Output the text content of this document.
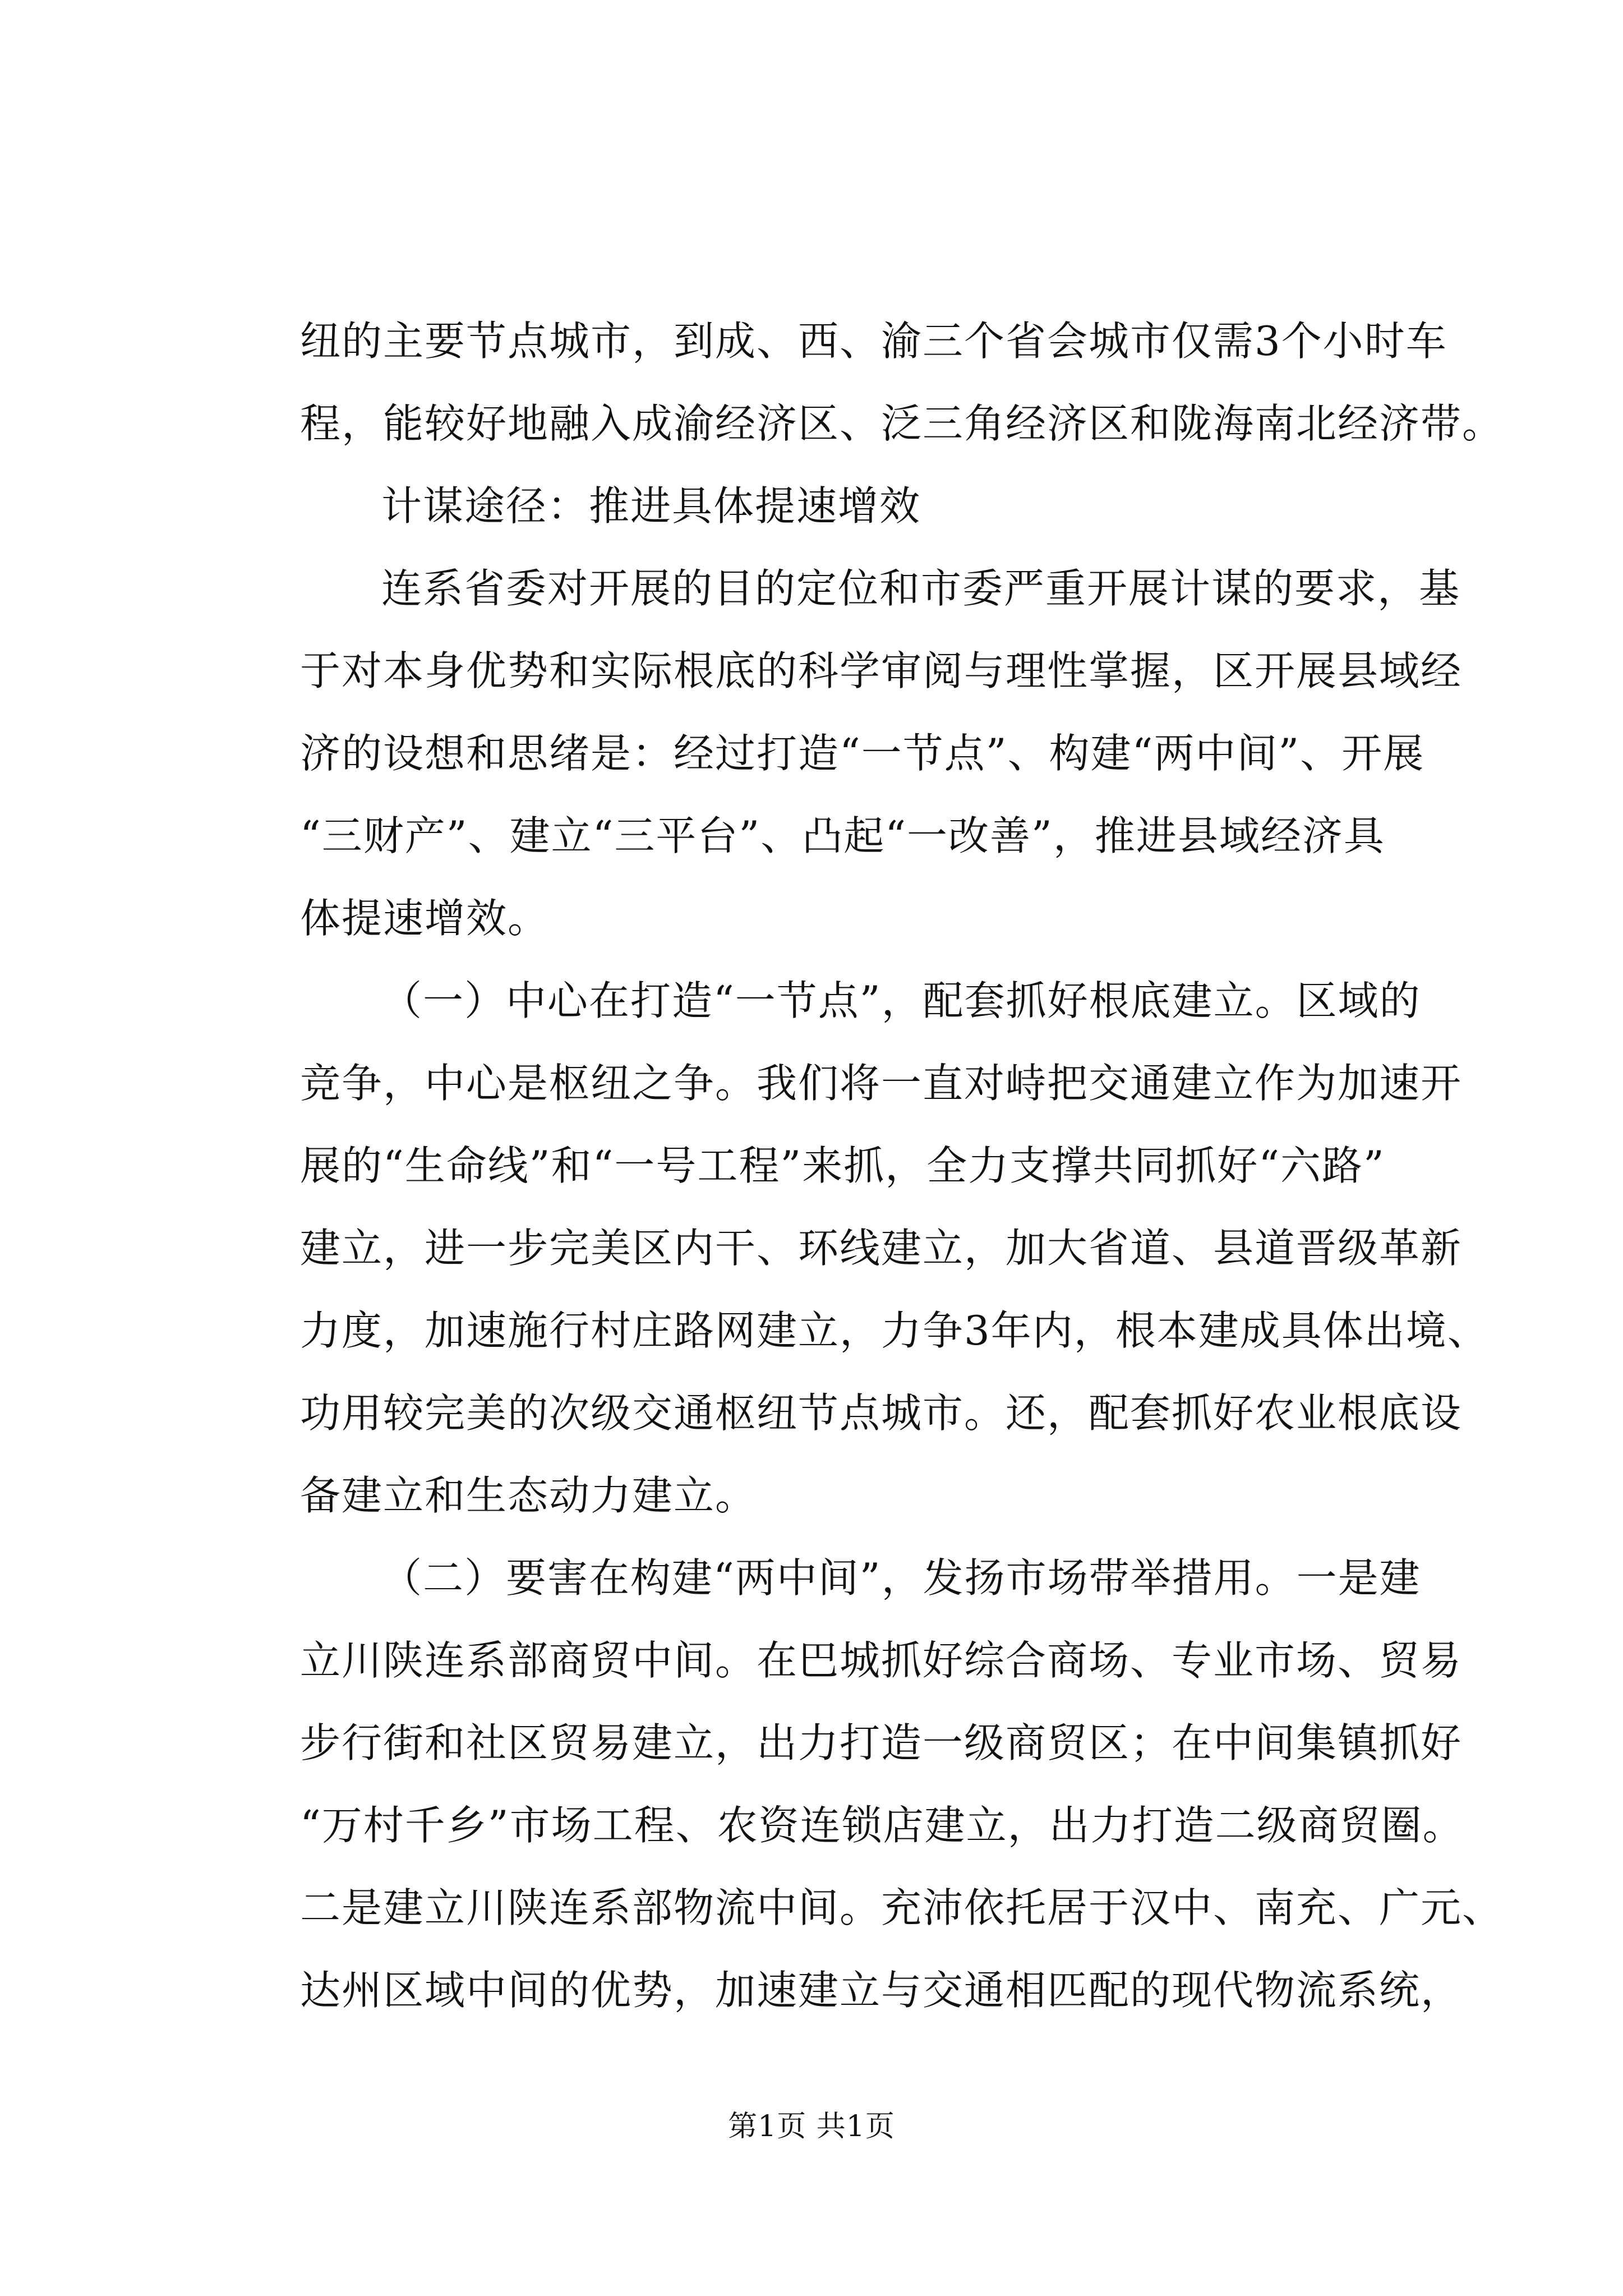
纽的主要节点城市，到成、西、渝三个省会城市仅需3个小时车
程，能较好地融入成渝经济区、泛三角经济区和陇海南北经济带。
计谋途径：推进具体提速增效
连系省委对开展的目的定位和市委严重开展计谋的要求，基
于对本身优势和实际根底的科学审阅与理性掌握，区开展县域经
济的设想和思绪是：经过打造“一节点”、构建“两中间”、开展
“三财产”、建立“三平台”、凸起“一改善”，推进县域经济具
体提速增效。
（一）中心在打造“一节点”，配套抓好根底建立。区域的
竞争，中心是枢纽之争。我们将一直对峙把交通建立作为加速开
展的“生命线”和“一号工程”来抓，全力支撑共同抓好“六路”
建立，进一步完美区内干、环线建立，加大省道、县道晋级革新
力度，加速施行村庄路网建立，力争3年内，根本建成具体出境、
功用较完美的次级交通枢纽节点城市。还，配套抓好农业根底设
备建立和生态动力建立。
（二）要害在构建“两中间”，发扬市场带举措用。一是建
立川陕连系部商贸中间。在巴城抓好综合商场、专业市场、贸易
步行街和社区贸易建立，出力打造一级商贸区；在中间集镇抓好
“万村千乡”市场工程、农资连锁店建立，出力打造二级商贸圈。
二是建立川陕连系部物流中间。充沛依托居于汉中、南充、广元、
达州区域中间的优势，加速建立与交通相匹配的现代物流系统，
第1页 共1页
